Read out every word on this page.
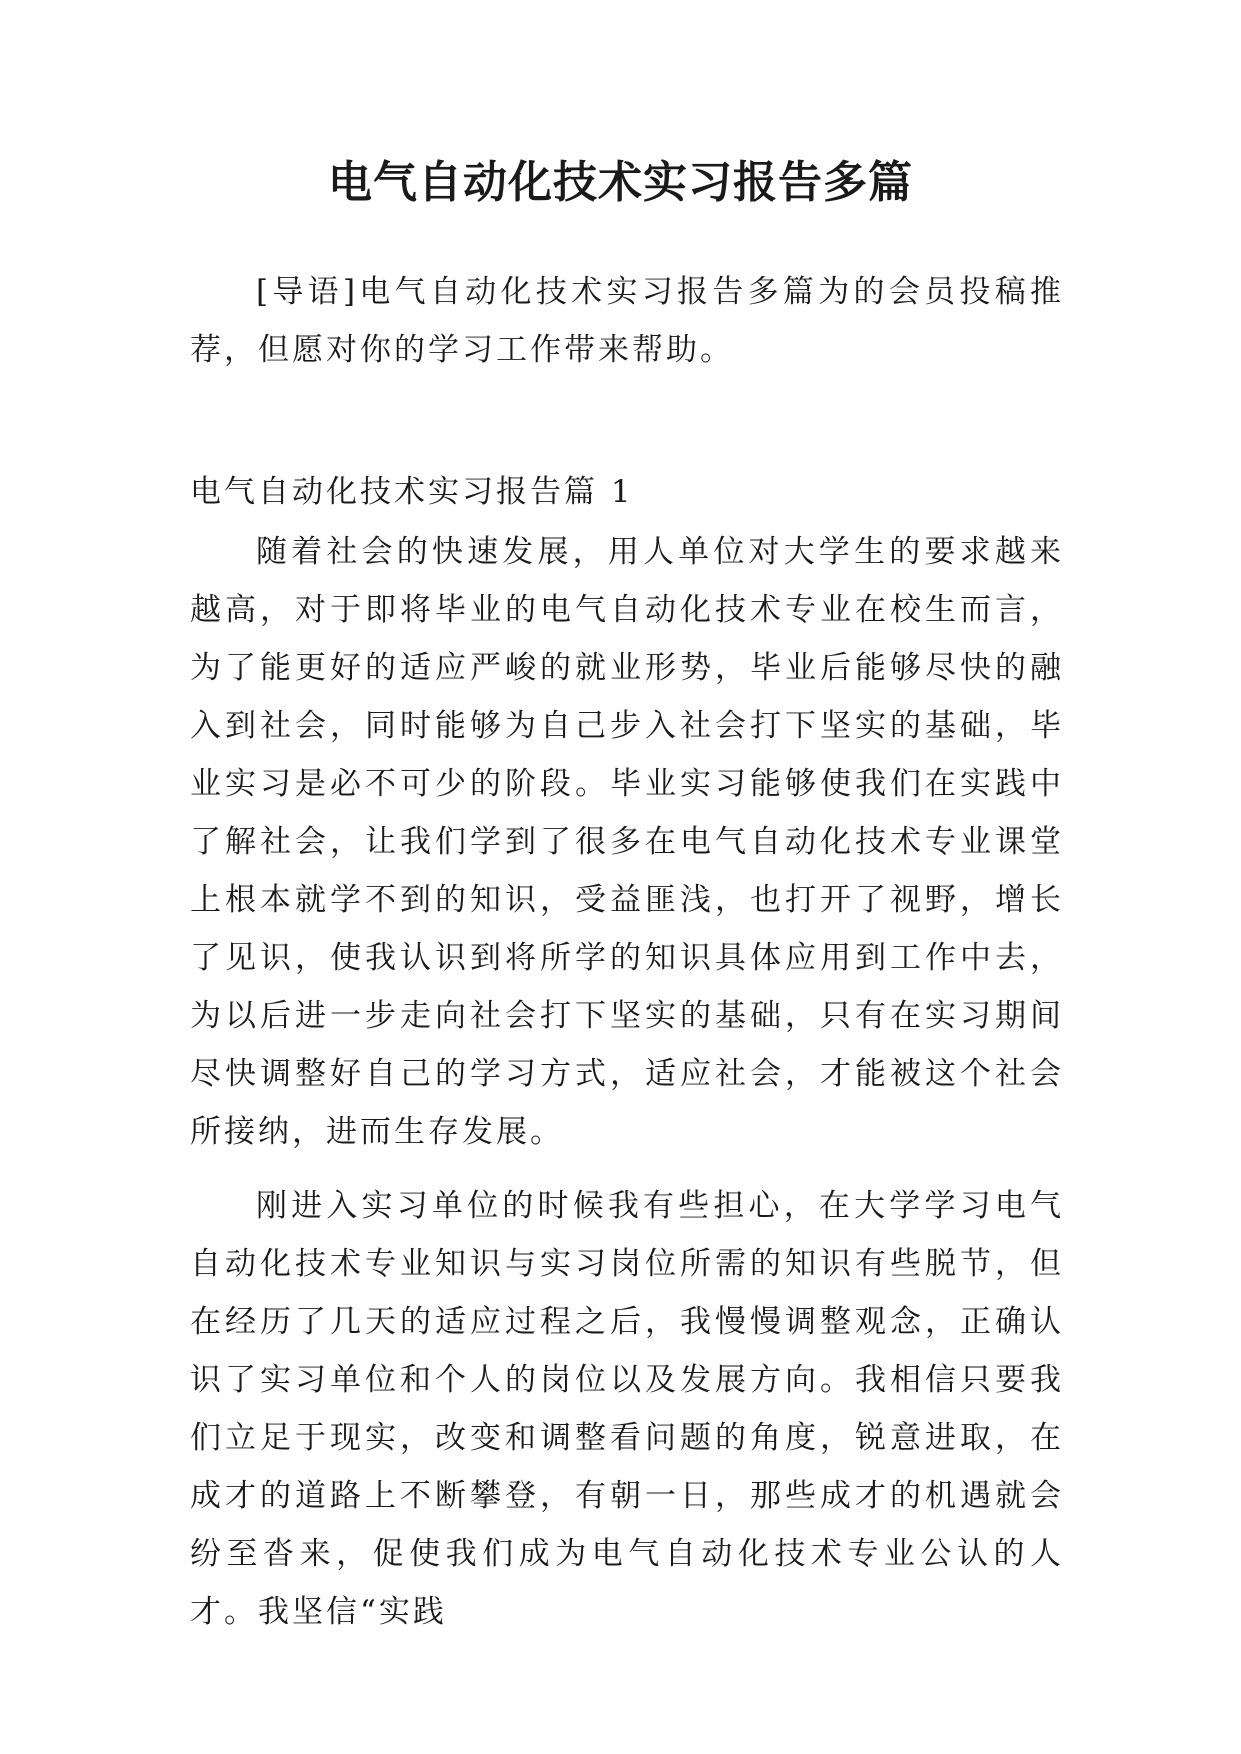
电气自动化技术实习报告多篇

[导语]电气自动化技术实习报告多篇为的会员投稿推荐，但愿对你的学习工作带来帮助。

电气自动化技术实习报告篇 1

随着社会的快速发展，用人单位对大学生的要求越来越高，对于即将毕业的电气自动化技术专业在校生而言，为了能更好的适应严峻的就业形势，毕业后能够尽快的融入到社会，同时能够为自己步入社会打下坚实的基础，毕业实习是必不可少的阶段。毕业实习能够使我们在实践中了解社会，让我们学到了很多在电气自动化技术专业课堂上根本就学不到的知识，受益匪浅，也打开了视野，增长了见识，使我认识到将所学的知识具体应用到工作中去，为以后进一步走向社会打下坚实的基础，只有在实习期间尽快调整好自己的学习方式，适应社会，才能被这个社会所接纳，进而生存发展。

刚进入实习单位的时候我有些担心，在大学学习电气自动化技术专业知识与实习岗位所需的知识有些脱节，但在经历了几天的适应过程之后，我慢慢调整观念，正确认识了实习单位和个人的岗位以及发展方向。我相信只要我们立足于现实，改变和调整看问题的角度，锐意进取，在成才的道路上不断攀登，有朝一日，那些成才的机遇就会纷至沓来，促使我们成为电气自动化技术专业公认的人才。我坚信“实践
